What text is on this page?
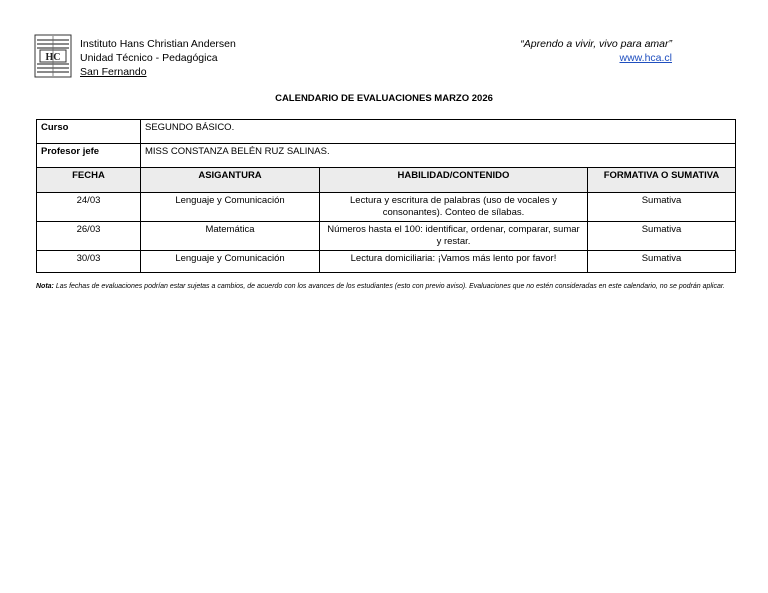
HC
Instituto Hans Christian Andersen
Unidad Técnico - Pedagógica
San Fernando
“Aprendo a vivir, vivo para amar”
www.hca.cl
CALENDARIO DE EVALUACIONES MARZO 2026
Curso	SEGUNDO BÁSICO.		
Profesor jefe	MISS CONSTANZA BELÉN RUZ SALINAS.		
FECHA	ASIGANTURA	HABILIDAD/CONTENIDO	FORMATIVA O SUMATIVA
24/03	Lenguaje y Comunicación	Lectura y escritura de palabras (uso de vocales y consonantes). Conteo de sílabas.	Sumativa
26/03	Matemática	Números hasta el 100: identificar, ordenar, comparar, sumar y restar.	Sumativa
30/03	Lenguaje y Comunicación	Lectura domiciliaria: ¡Vamos más lento por favor!	Sumativa
Nota: Las fechas de evaluaciones podrían estar sujetas a cambios, de acuerdo con los avances de los estudiantes (esto con previo aviso). Evaluaciones que no estén consideradas en este calendario, no se podrán aplicar.
